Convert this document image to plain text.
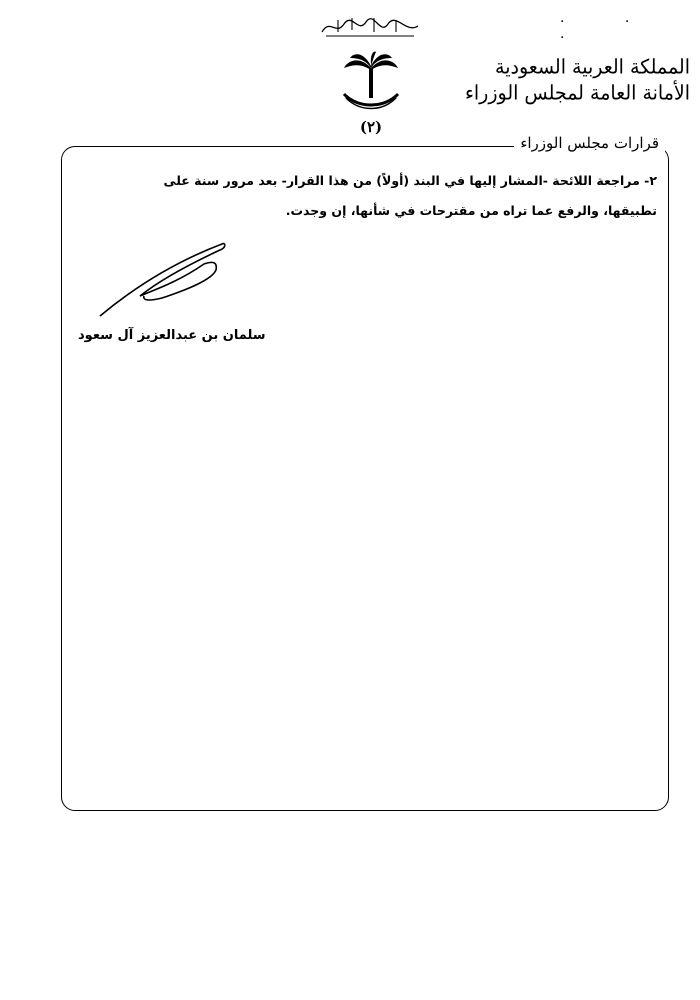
· · ·
(٢)
المملكة العربية السعودية
الأمانة العامة لمجلس الوزراء
قرارات مجلس الوزراء
٢- مراجعة اللائحة -المشار إليها في البند (أولاً) من هذا القرار- بعد مرور سنة على
تطبيقها، والرفع عما تراه من مقترحات في شأنها، إن وجدت.
سلمان بن عبدالعزيز آل سعود
